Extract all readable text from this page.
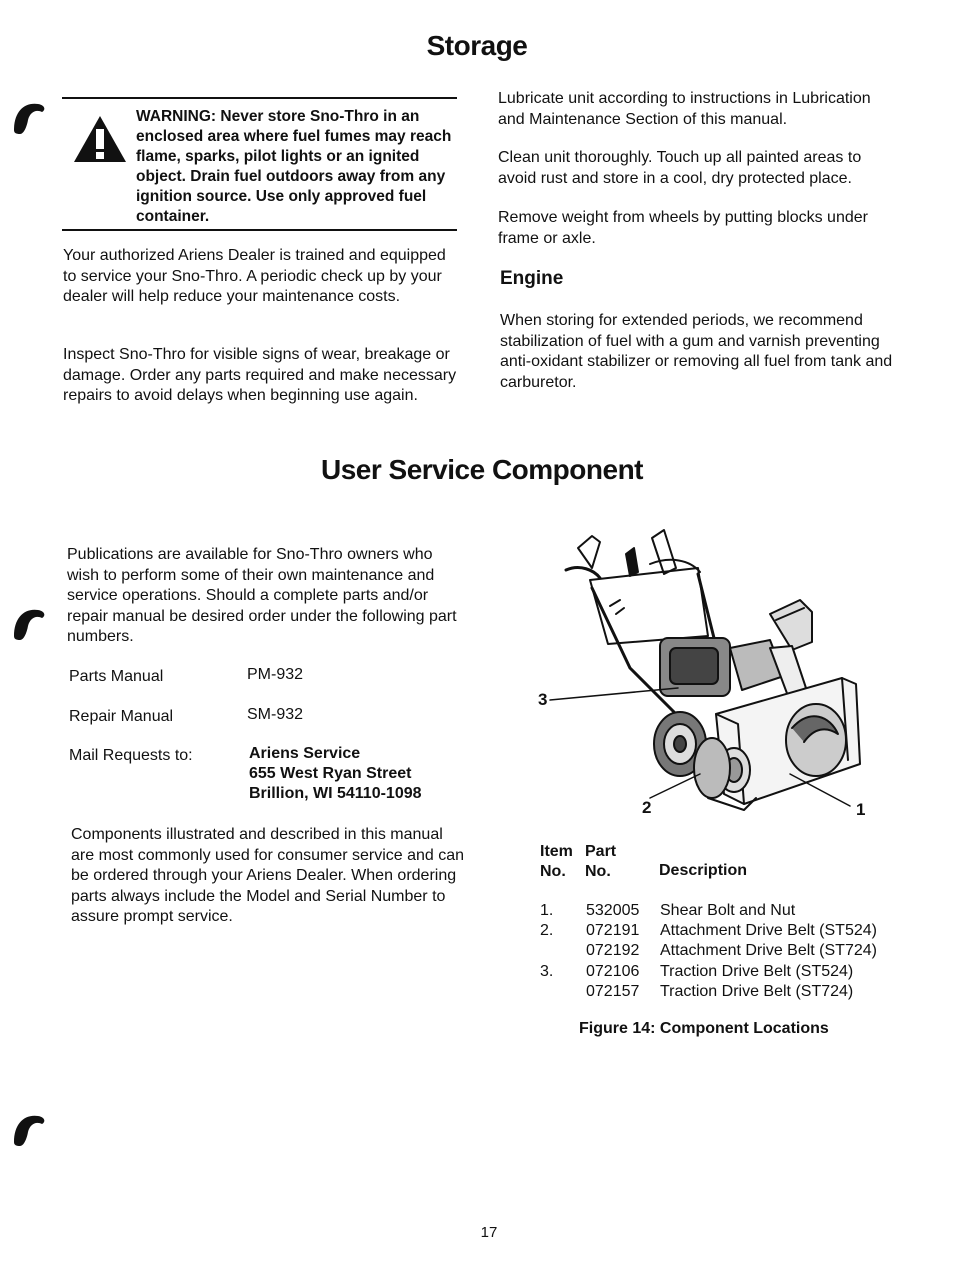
Storage
WARNING: Never store Sno-Thro in an enclosed area where fuel fumes may reach flame, sparks, pilot lights or an ignited object. Drain fuel outdoors away from any ignition source. Use only approved fuel container.
Your authorized Ariens Dealer is trained and equipped to service your Sno-Thro. A periodic check up by your dealer will help reduce your maintenance costs.
Inspect Sno-Thro for visible signs of wear, breakage or damage. Order any parts required and make necessary repairs to avoid delays when beginning use again.
Lubricate unit according to instructions in Lubrication and Maintenance Section of this manual.
Clean unit thoroughly. Touch up all painted areas to avoid rust and store in a cool, dry protected place.
Remove weight from wheels by putting blocks under frame or axle.
Engine
When storing for extended periods, we recommend stabilization of fuel with a gum and varnish preventing anti-oxidant stabilizer or removing all fuel from tank and carburetor.
User Service Component
Publications are available for Sno-Thro owners who wish to perform some of their own maintenance and service operations. Should a complete parts and/or repair manual be desired order under the following part numbers.
Parts Manual	PM-932
Repair Manual	SM-932
Mail Requests to:	Ariens Service
655 West Ryan Street
Brillion, WI 54110-1098
Components illustrated and described in this manual are most commonly used for consumer service and can be ordered through your Ariens Dealer. When ordering parts always include the Model and Serial Number to assure prompt service.
3
2	1
Item
No.
Part
No.	Description
1. 532005 Shear Bolt and Nut
2. 072191 Attachment Drive Belt (ST524)
072192 Attachment Drive Belt (ST724)
3. 072106 Traction Drive Belt (ST524)
072157 Traction Drive Belt (ST724)
Figure 14: Component Locations
17
